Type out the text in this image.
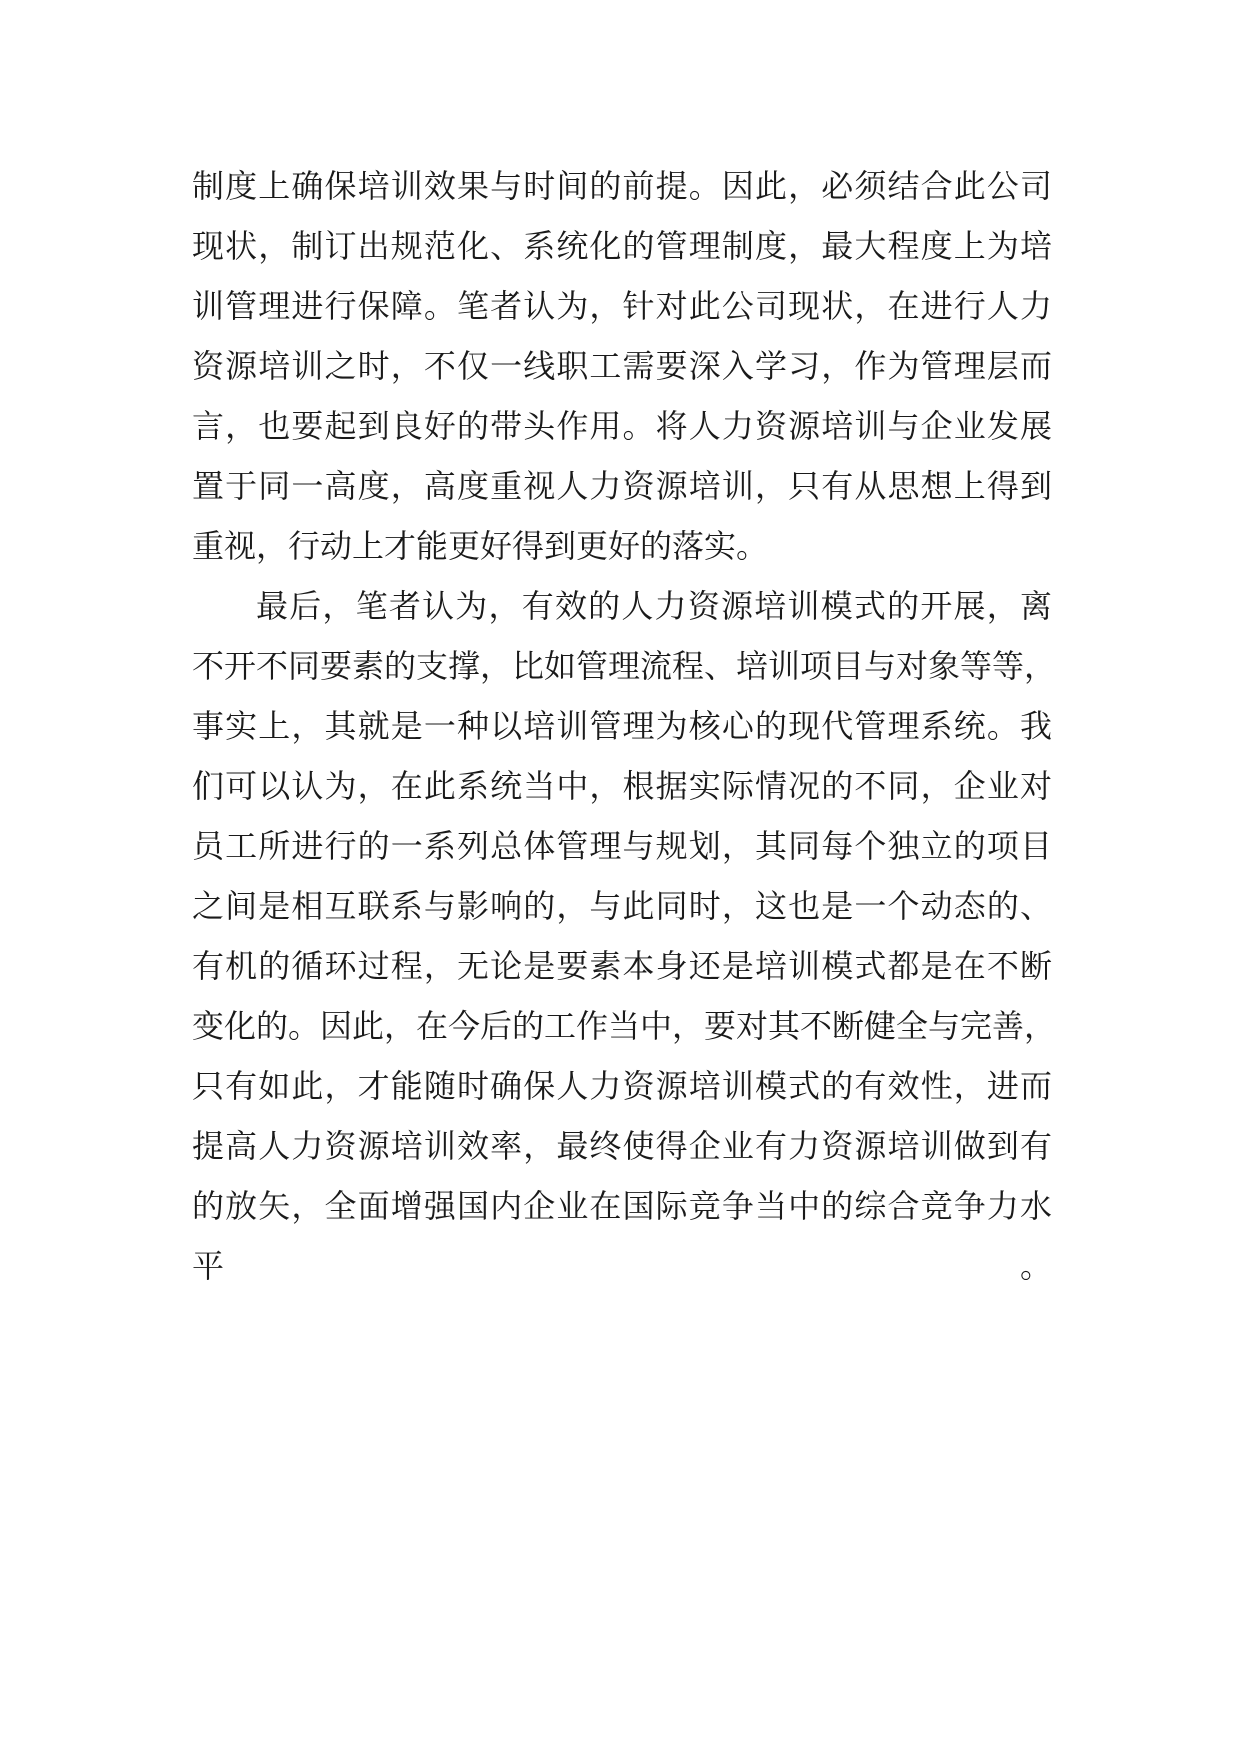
制度上确保培训效果与时间的前提。因此，必须结合此公司
现状，制订出规范化、系统化的管理制度，最大程度上为培
训管理进行保障。笔者认为，针对此公司现状，在进行人力
资源培训之时，不仅一线职工需要深入学习，作为管理层而
言，也要起到良好的带头作用。将人力资源培训与企业发展
置于同一高度，高度重视人力资源培训，只有从思想上得到
重视，行动上才能更好得到更好的落实。
最后，笔者认为，有效的人力资源培训模式的开展，离
不开不同要素的支撑，比如管理流程、培训项目与对象等等，
事实上，其就是一种以培训管理为核心的现代管理系统。我
们可以认为，在此系统当中，根据实际情况的不同，企业对
员工所进行的一系列总体管理与规划，其同每个独立的项目
之间是相互联系与影响的，与此同时，这也是一个动态的、
有机的循环过程，无论是要素本身还是培训模式都是在不断
变化的。因此，在今后的工作当中，要对其不断健全与完善，
只有如此，才能随时确保人力资源培训模式的有效性，进而
提高人力资源培训效率，最终使得企业有力资源培训做到有
的放矢，全面增强国内企业在国际竞争当中的综合竞争力水
平。
